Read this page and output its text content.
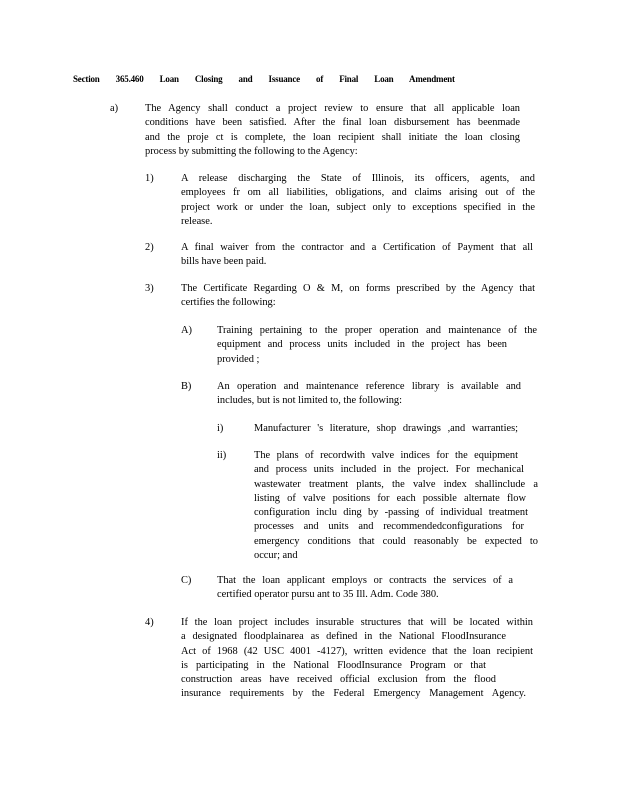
Section 365.460 Loan Closing and Issuance of Final Loan Amendment
a)	The Agency shall conduct a project review to ensure that all applicable loan
conditions have been satisfied. After the final loan disbursement has beenmade
and the proje ct is complete, the loan recipient shall initiate the loan closing
process by submitting the following to the Agency:
1)	A release discharging the State of Illinois, its officers, agents, and
employees fr om all liabilities, obligations, and claims arising out of the
project work or under the loan, subject only to exceptions specified in the
release.
2)	A final waiver from the contractor and a Certification of Payment that all
bills have been paid.
3)	The Certificate Regarding O & M, on forms prescribed by the Agency that
certifies the following:
A) Training pertaining to the proper operation and maintenance of the
equipment and process units included in the project has been
provided ;
B) An operation and maintenance reference library is available and
includes, but is not limited to, the following:
i)	Manufacturer 's literature, shop drawings ,and warranties;
ii)	The plans of recordwith valve indices for the equipment
and process units included in the project. For mechanical
wastewater treatment plants, the valve index shallinclude a
listing of valve positions for each possible alternate flow
configuration inclu ding by -passing of individual treatment
processes and units and recommendedconfigurations for
emergency conditions that could reasonably be expected to
occur; and
C) That the loan applicant employs or contracts the services of a
certified operator pursu ant to 35 Ill. Adm. Code 380.
4)	If the loan project includes insurable structures that will be located within
a designated floodplainarea as defined in the National FloodInsurance
Act of 1968 (42 USC 4001 -4127), written evidence that the loan recipient
is participating in the National FloodInsurance Program or that
construction areas have received official exclusion from the flood
insurance requirements by the Federal Emergency Management Agency.
